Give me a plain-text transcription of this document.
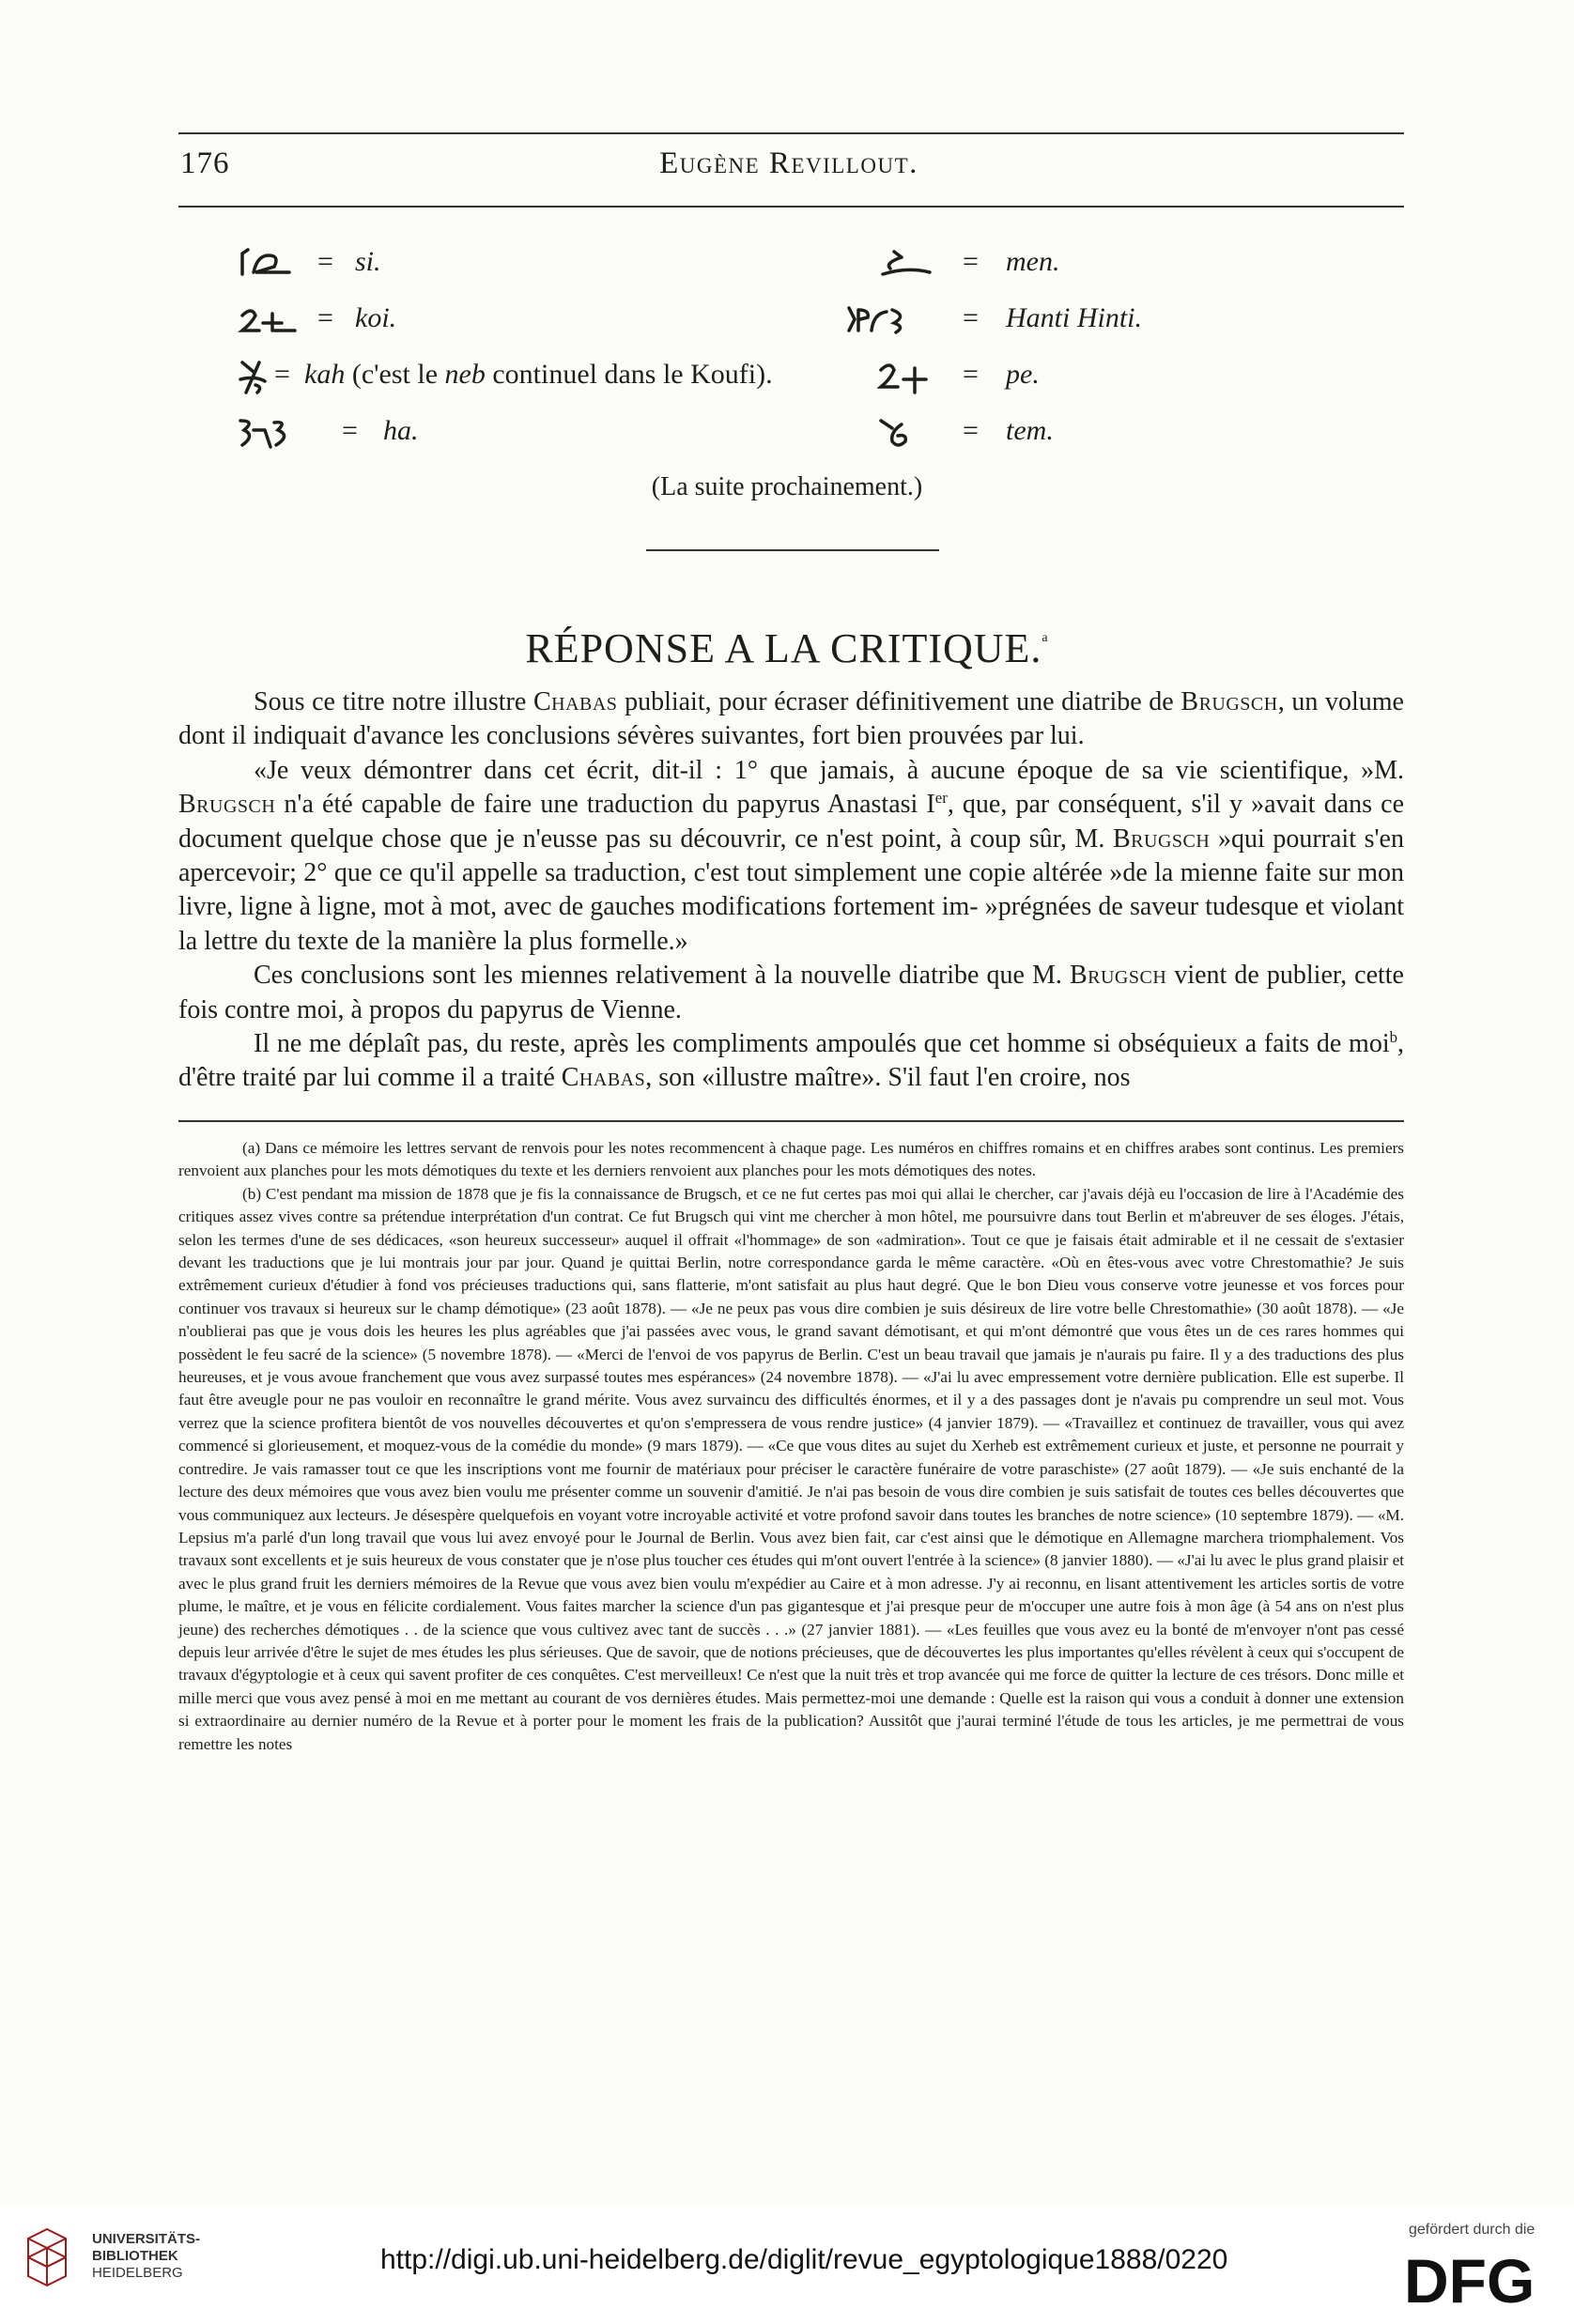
176	Eugène Revillout.
= si.	= men.
= koi.	= Hanti Hinti.
= kah (c'est le neb continuel dans le Koufi).	= pe.
= ha.	= tem.
(La suite prochainement.)
RÉPONSE A LA CRITIQUE.$^a$

Sous ce titre notre illustre Chabas publiait, pour écraser définitivement une diatribe de Brugsch, un volume dont il indiquait d'avance les conclusions sévères suivantes, fort bien prouvées par lui.

«Je veux démontrer dans cet écrit, dit-il : 1° que jamais, à aucune époque de sa vie scientifique, »M. Brugsch n'a été capable de faire une traduction du papyrus Anastasi Ier, que, par conséquent, s'il y »avait dans ce document quelque chose que je n'eusse pas su découvrir, ce n'est point, à coup sûr, M. Brugsch »qui pourrait s'en apercevoir; 2° que ce qu'il appelle sa traduction, c'est tout simplement une copie altérée »de la mienne faite sur mon livre, ligne à ligne, mot à mot, avec de gauches modifications fortement im- »prégnées de saveur tudesque et violant la lettre du texte de la manière la plus formelle.»

Ces conclusions sont les miennes relativement à la nouvelle diatribe que M. Brugsch vient de publier, cette fois contre moi, à propos du papyrus de Vienne.

Il ne me déplaît pas, du reste, après les compliments ampoulés que cet homme si obséquieux a faits de moi$^b$, d'être traité par lui comme il a traité Chabas, son «illustre maître». S'il faut l'en croire, nos

(a) Dans ce mémoire les lettres servant de renvois pour les notes recommencent à chaque page. Les numéros en chiffres romains et en chiffres arabes sont continus. Les premiers renvoient aux planches pour les mots démotiques du texte et les derniers renvoient aux planches pour les mots démotiques des notes.

(b) C'est pendant ma mission de 1878 que je fis la connaissance de Brugsch, et ce ne fut certes pas moi qui allai le chercher, car j'avais déjà eu l'occasion de lire à l'Académie des critiques assez vives contre sa prétendue interprétation d'un contrat. Ce fut Brugsch qui vint me chercher à mon hôtel, me poursuivre dans tout Berlin et m'abreuver de ses éloges. J'étais, selon les termes d'une de ses dédicaces, «son heureux successeur» auquel il offrait «l'hommage» de son «admiration». Tout ce que je faisais était admirable et il ne cessait de s'extasier devant les traductions que je lui montrais jour par jour. Quand je quittai Berlin, notre correspondance garda le même caractère. «Où en êtes-vous avec votre Chrestomathie? Je suis extrêmement curieux d'étudier à fond vos précieuses traductions qui, sans flatterie, m'ont satisfait au plus haut degré. Que le bon Dieu vous conserve votre jeunesse et vos forces pour continuer vos travaux si heureux sur le champ démotique» (23 août 1878). — «Je ne peux pas vous dire combien je suis désireux de lire votre belle Chrestomathie» (30 août 1878). — «Je n'oublierai pas que je vous dois les heures les plus agréables que j'ai passées avec vous, le grand savant démotisant, et qui m'ont démontré que vous êtes un de ces rares hommes qui possèdent le feu sacré de la science» (5 novembre 1878). — «Merci de l'envoi de vos papyrus de Berlin. C'est un beau travail que jamais je n'aurais pu faire. Il y a des traductions des plus heureuses, et je vous avoue franchement que vous avez surpassé toutes mes espérances» (24 novembre 1878). — «J'ai lu avec empressement votre dernière publication. Elle est superbe. Il faut être aveugle pour ne pas vouloir en reconnaître le grand mérite. Vous avez survaincu des difficultés énormes, et il y a des passages dont je n'avais pu comprendre un seul mot. Vous verrez que la science profitera bientôt de vos nouvelles découvertes et qu'on s'empressera de vous rendre justice» (4 janvier 1879). — «Travaillez et continuez de travailler, vous qui avez commencé si glorieusement, et moquez-vous de la comédie du monde» (9 mars 1879). — «Ce que vous dites au sujet du Xerheb est extrêmement curieux et juste, et personne ne pourrait y contredire. Je vais ramasser tout ce que les inscriptions vont me fournir de matériaux pour préciser le caractère funéraire de votre paraschiste» (27 août 1879). — «Je suis enchanté de la lecture des deux mémoires que vous avez bien voulu me présenter comme un souvenir d'amitié. Je n'ai pas besoin de vous dire combien je suis satisfait de toutes ces belles découvertes que vous communiquez aux lecteurs. Je désespère quelquefois en voyant votre incroyable activité et votre profond savoir dans toutes les branches de notre science» (10 septembre 1879). — «M. Lepsius m'a parlé d'un long travail que vous lui avez envoyé pour le Journal de Berlin. Vous avez bien fait, car c'est ainsi que le démotique en Allemagne marchera triomphalement. Vos travaux sont excellents et je suis heureux de vous constater que je n'ose plus toucher ces études qui m'ont ouvert l'entrée à la science» (8 janvier 1880). — «J'ai lu avec le plus grand plaisir et avec le plus grand fruit les derniers mémoires de la Revue que vous avez bien voulu m'expédier au Caire et à mon adresse. J'y ai reconnu, en lisant attentivement les articles sortis de votre plume, le maître, et je vous en félicite cordialement. Vous faites marcher la science d'un pas gigantesque et j'ai presque peur de m'occuper une autre fois à mon âge (à 54 ans on n'est plus jeune) des recherches démotiques . . de la science que vous cultivez avec tant de succès . . .» (27 janvier 1881). — «Les feuilles que vous avez eu la bonté de m'envoyer n'ont pas cessé depuis leur arrivée d'être le sujet de mes études les plus sérieuses. Que de savoir, que de notions précieuses, que de découvertes les plus importantes qu'elles révèlent à ceux qui s'occupent de travaux d'égyptologie et à ceux qui savent profiter de ces conquêtes. C'est merveilleux! Ce n'est que la nuit très et trop avancée qui me force de quitter la lecture de ces trésors. Donc mille et mille merci que vous avez pensé à moi en me mettant au courant de vos dernières études. Mais permettez-moi une demande : Quelle est la raison qui vous a conduit à donner une extension si extraordinaire au dernier numéro de la Revue et à porter pour le moment les frais de la publication? Aussitôt que j'aurai terminé l'étude de tous les articles, je me permettrai de vous remettre les notes

UNIVERSITÄTS-
BIBLIOTHEK
HEIDELBERG	http://digi.ub.uni-heidelberg.de/diglit/revue_egyptologique1888/0220
gefördert durch die
DFG
